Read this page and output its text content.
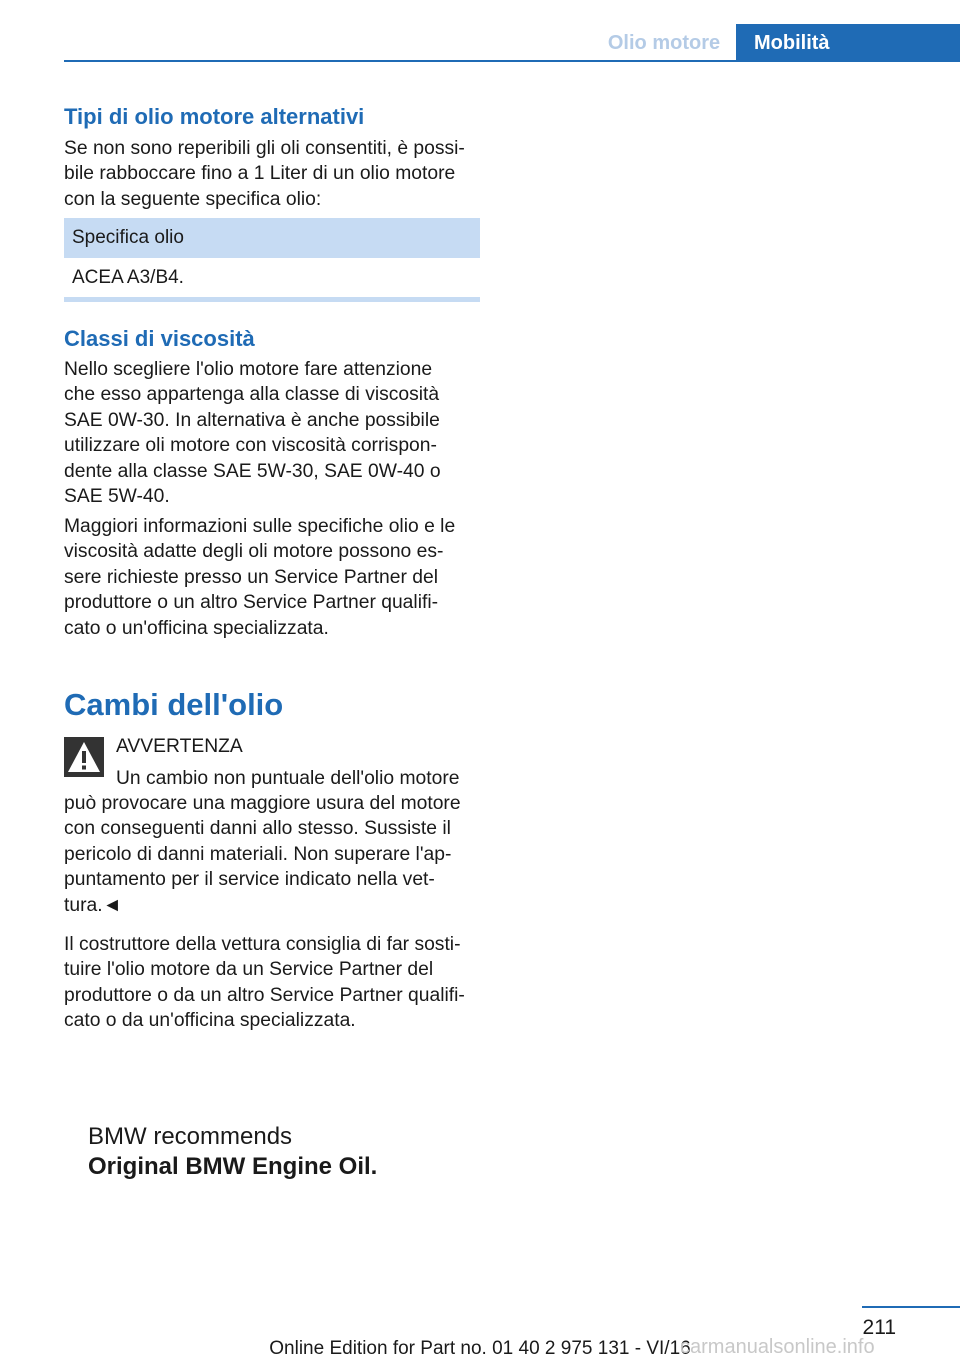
Olio motore	Mobilità
Tipi di olio motore alternativi

Se non sono reperibili gli oli consentiti, è possi-

bile rabboccare fino a 1 Liter di un olio motore

con la seguente specifica olio:

Specifica olio
ACEA A3/B4.
Classi di viscosità

Nello scegliere l'olio motore fare attenzione

che esso appartenga alla classe di viscosità

SAE 0W-30. In alternativa è anche possibile

utilizzare oli motore con viscosità corrispon-

dente alla classe SAE 5W-30, SAE 0W-40 o

SAE 5W-40.

Maggiori informazioni sulle specifiche olio e le

viscosità adatte degli oli motore possono es-

sere richieste presso un Service Partner del

produttore o un altro Service Partner qualifi-

cato o un'officina specializzata.

Cambi dell'olio

AVVERTENZA

Un cambio non puntuale dell'olio motore

può provocare una maggiore usura del motore

con conseguenti danni allo stesso. Sussiste il

pericolo di danni materiali. Non superare l'ap-

puntamento per il service indicato nella vet-

tura.◄

Il costruttore della vettura consiglia di far sosti-

tuire l'olio motore da un Service Partner del

produttore o da un altro Service Partner qualifi-

cato o da un'officina specializzata.

BMW recommends
Original BMW Engine Oil.
211
Online Edition for Part no. 01 40 2 975 131 - VI/16
carmanualsonline.info
